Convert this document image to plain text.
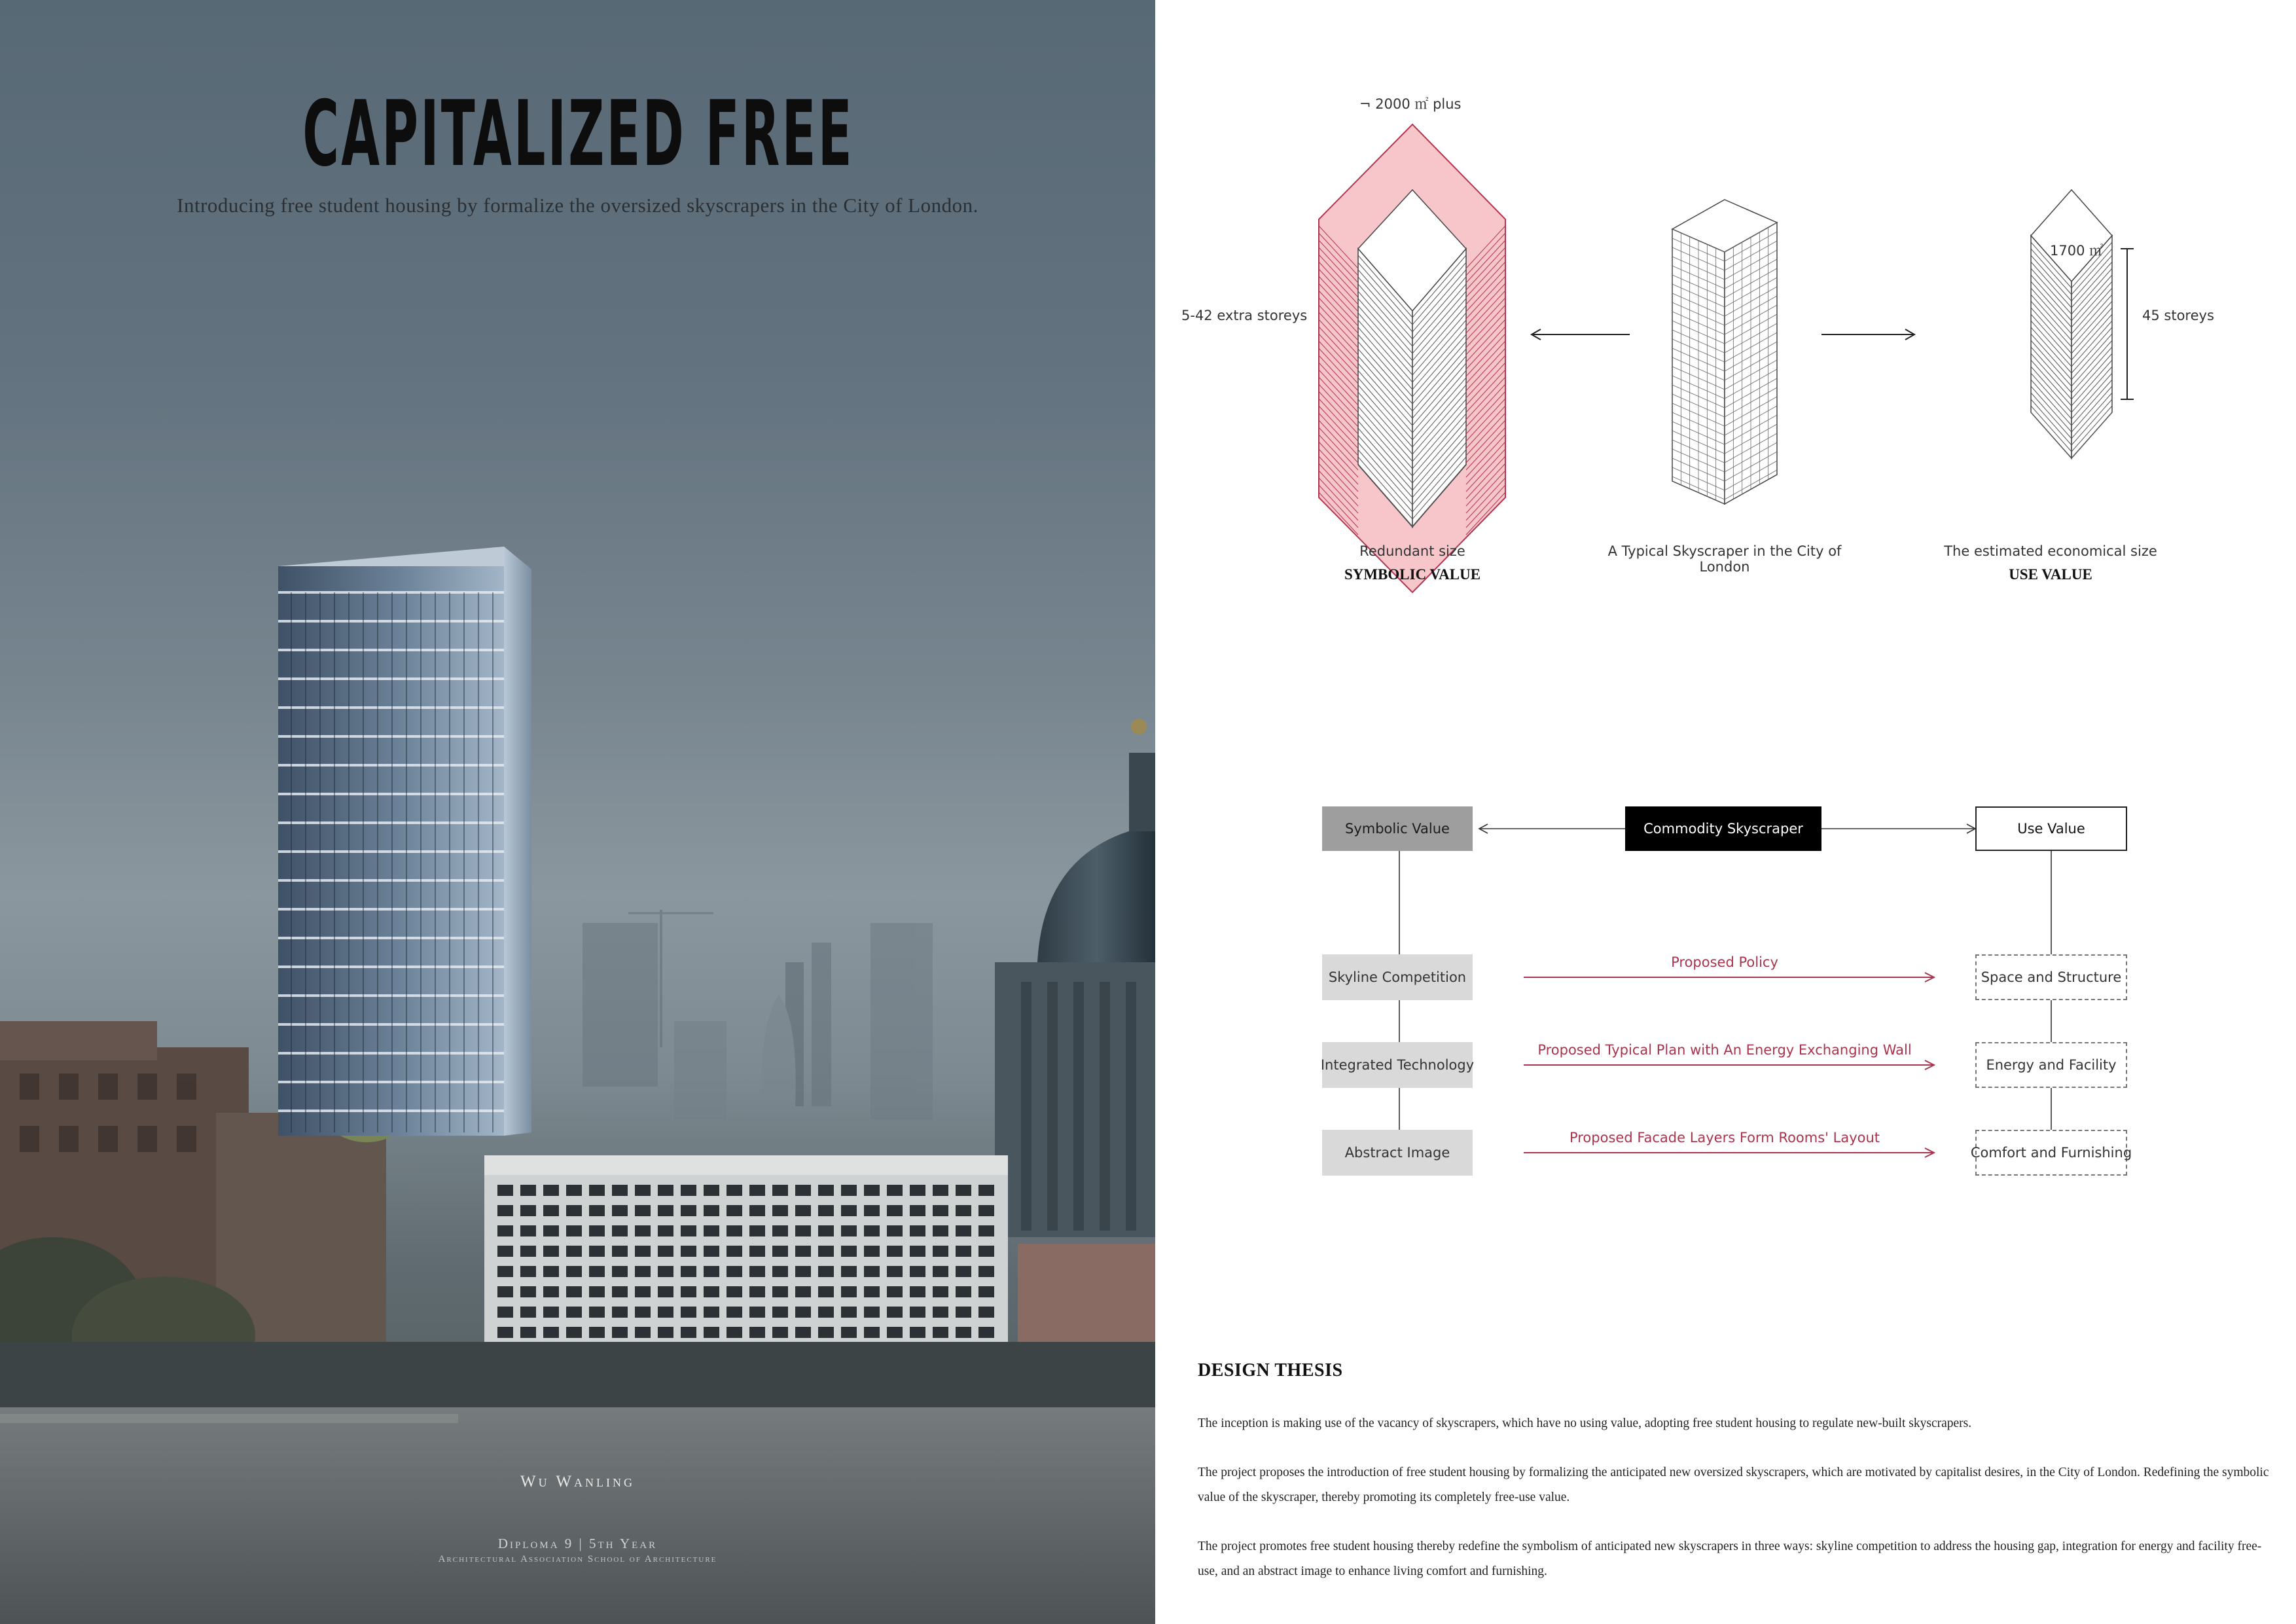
CAPITALIZED FREE
Introducing free student housing by formalize the oversized skyscrapers in the City of London.
Wu Wanling
Diploma 9 | 5th Year
Architectural Association School of Architecture
¬ 2000 ㎡ plus
5-42 extra storeys
1700 ㎡
45 storeys
Redundant size
SYMBOLIC VALUE
A Typical Skyscraper in the City of London
The estimated economical size
USE VALUE
Symbolic Value	Commodity Skyscraper	Use Value
Skyline Competition
Integrated Technology
Abstract Image
Space and Structure
Energy and Facility
Comfort and Furnishing
Proposed Policy
Proposed Typical Plan with An Energy Exchanging Wall
Proposed Facade Layers Form Rooms' Layout
DESIGN THESIS
The inception is making use of the vacancy of skyscrapers, which have no using value, adopting free student housing to regulate new-built skyscrapers.
The project proposes the introduction of free student housing by formalizing the anticipated new oversized skyscrapers, which are motivated by capitalist desires, in the City of London. Redefining the symbolic value of the skyscraper, thereby promoting its completely free-use value.
The project promotes free student housing thereby redefine the symbolism of anticipated new skyscrapers in three ways: skyline competition to address the housing gap, integration for energy and facility free-use, and an abstract image to enhance living comfort and furnishing.
